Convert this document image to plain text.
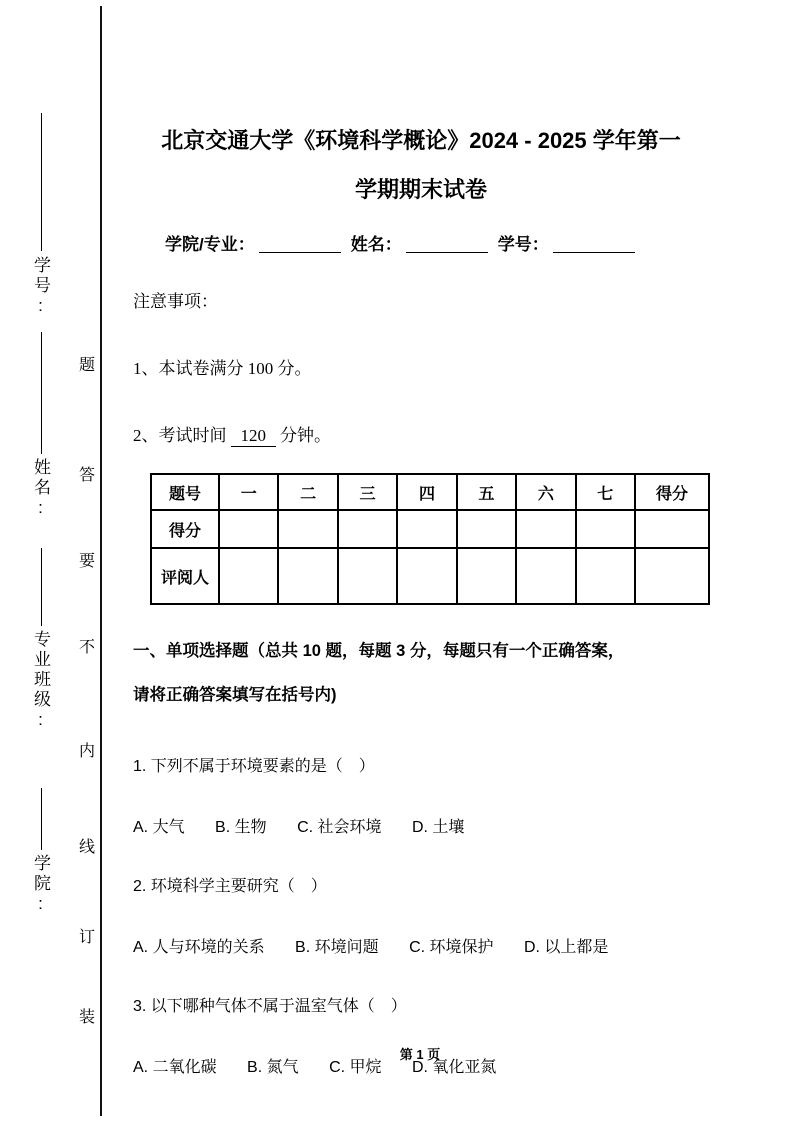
学号:
姓名:
专业班级:
学院:
题
答
要
不
内
线
订
装
北京交通大学《环境科学概论》2024 - 2025 学年第一
学期期末试卷
学院/专业：	姓名：	学号：
注意事项：
1、本试卷满分 100 分。
2、考试时间 120 分钟。
题号	一	二	三	四	五	六	七	得分
得分								
评阅人								
一、单项选择题（总共 10 题，每题 3 分，每题只有一个正确答案，
请将正确答案填写在括号内)
1. 下列不属于环境要素的是（　）
A. 大气 B. 生物 C. 社会环境 D. 土壤
2. 环境科学主要研究（　）
A. 人与环境的关系 B. 环境问题 C. 环境保护 D. 以上都是
3. 以下哪种气体不属于温室气体（　）
A. 二氧化碳 B. 氮气 C. 甲烷 D. 氧化亚氮
第 1 页
